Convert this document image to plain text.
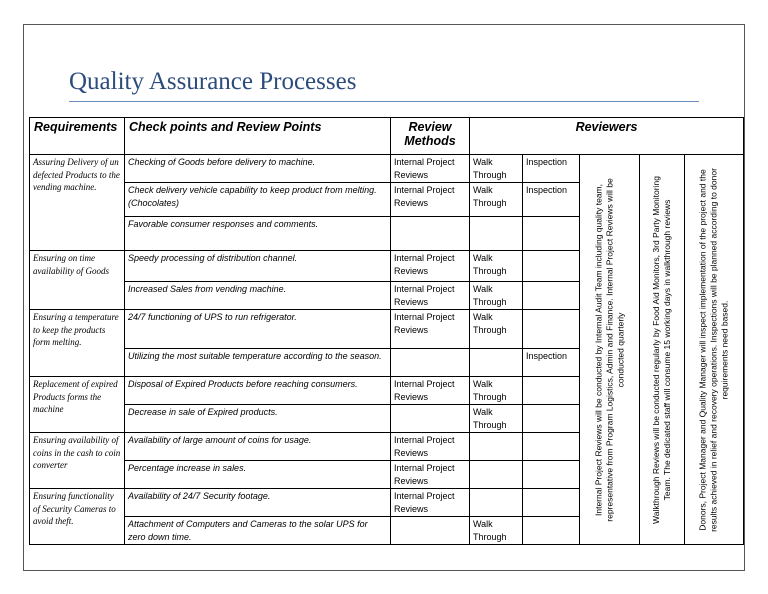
Quality Assurance Processes
Requirements	Check points and Review Points	Review Methods	Reviewers				
Assuring Delivery of un defected Products to the vending machine.	Checking of Goods before delivery to machine.	Internal Project Reviews	Walk Through	Inspection	Internal Project Reviews will be conducted by Internal Audit Team including quality team, representative from Program Logistics, Admin and Finance. Internal Project Reviews will be conducted quarterly	Walkthrough Reviews will be conducted regularly by Food Aid Monitors, 3rd Party Monitoring Team. The dedicated staff will consume 15 working days in walkthrough reviews	Donors, Project Manager and Quality Manager will inspect implementation of the project and the results achieved in relief and recovery operations. Inspections will be planned according to donor requirements need based.

	Check delivery vehicle capability to keep product from melting. (Chocolates)	Internal Project Reviews	Walk Through	Inspection			
	Favorable consumer responses and comments.						
Ensuring on time availability of Goods	Speedy processing of distribution channel.	Internal Project Reviews	Walk Through				
	Increased Sales from vending machine.	Internal Project Reviews	Walk Through				
Ensuring a temperature to keep the products form melting.	24/7 functioning of UPS to run refrigerator.	Internal Project Reviews	Walk Through				
	Utilizing the most suitable temperature according to the season.			Inspection			
Replacement of expired Products forms the machine	Disposal of Expired Products before reaching consumers.	Internal Project Reviews	Walk Through				
	Decrease in sale of Expired products.		Walk Through				
Ensuring availability of coins in the cash to coin converter	Availability of large amount of coins for usage.	Internal Project Reviews					
	Percentage increase in sales.	Internal Project Reviews					
Ensuring functionality of Security Cameras to avoid theft.	Availability of 24/7 Security footage.	Internal Project Reviews					
	Attachment of Computers and Cameras to the solar UPS for zero down time.		Walk Through				
